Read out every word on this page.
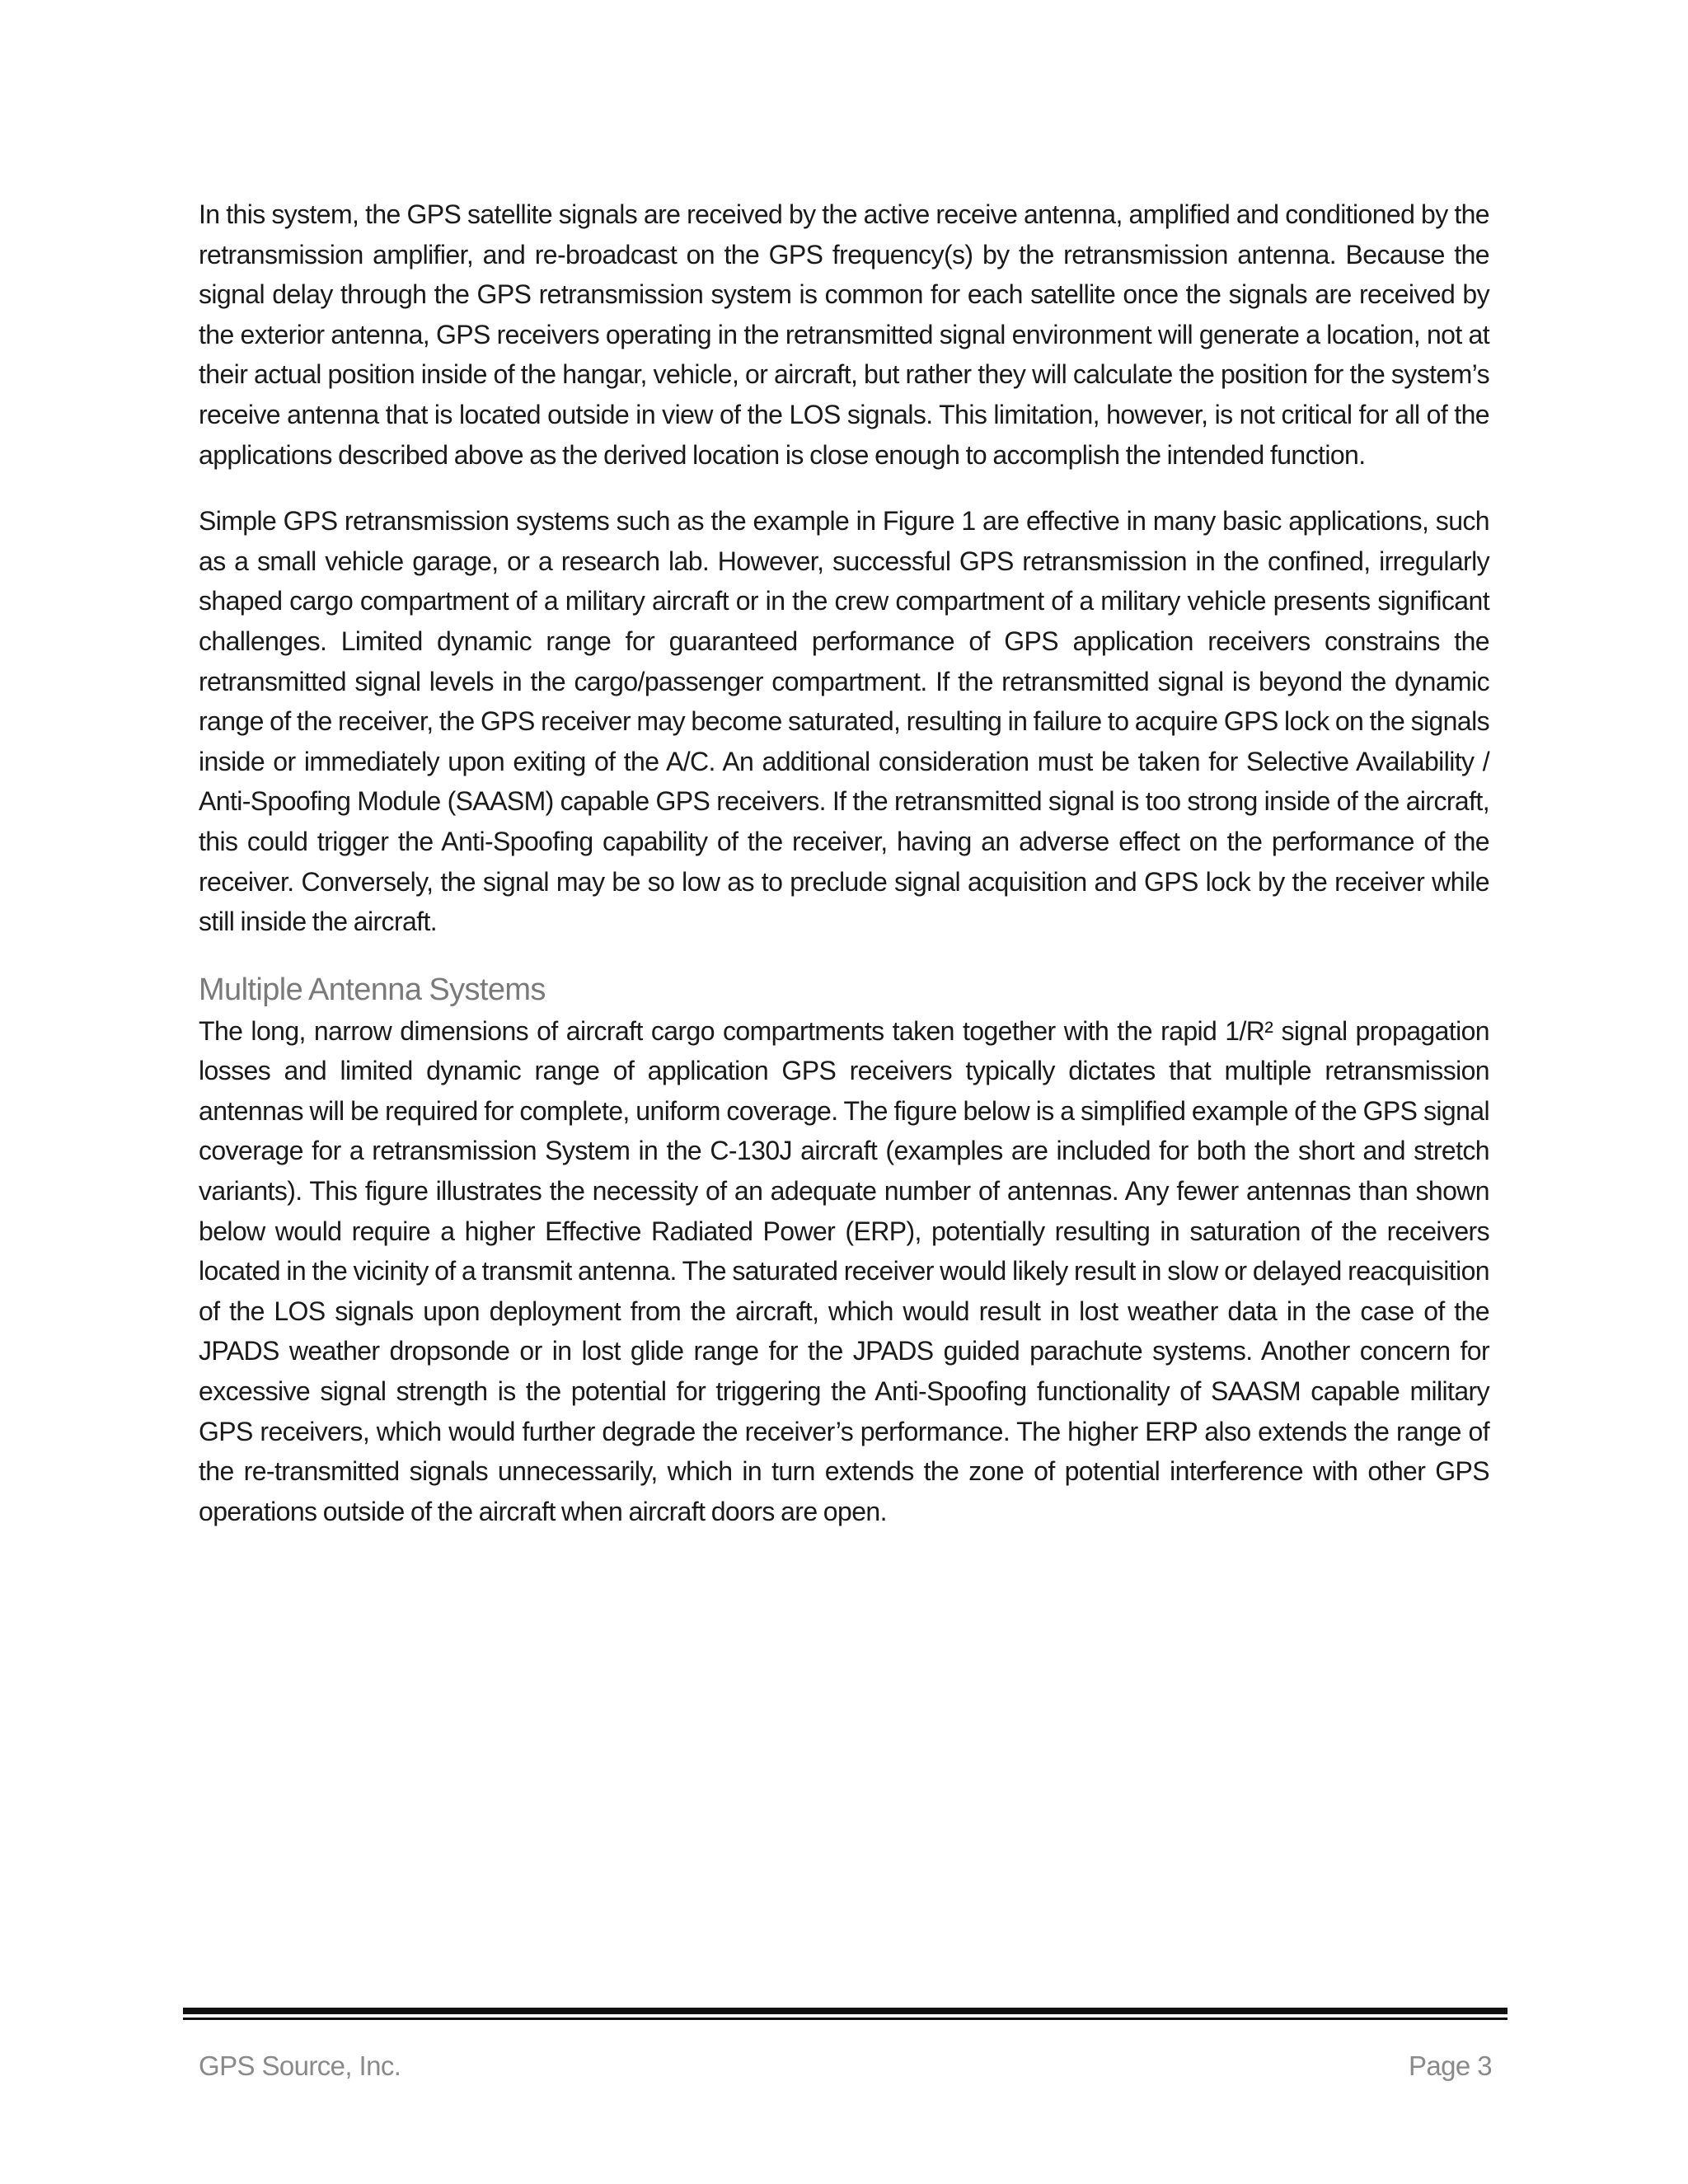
In this system, the GPS satellite signals are received by the active receive antenna, amplified and conditioned by the retransmission amplifier, and re-broadcast on the GPS frequency(s) by the retransmission antenna. Because the signal delay through the GPS retransmission system is common for each satellite once the signals are received by the exterior antenna, GPS receivers operating in the retransmitted signal environment will generate a location, not at their actual position inside of the hangar, vehicle, or aircraft, but rather they will calculate the position for the system’s receive antenna that is located outside in view of the LOS signals. This limitation, however, is not critical for all of the applications described above as the derived location is close enough to accomplish the intended function.

Simple GPS retransmission systems such as the example in Figure 1 are effective in many basic applications, such as a small vehicle garage, or a research lab. However, successful GPS retransmission in the confined, irregularly shaped cargo compartment of a military aircraft or in the crew compartment of a military vehicle presents significant challenges. Limited dynamic range for guaranteed performance of GPS application receivers constrains the retransmitted signal levels in the cargo/passenger compartment. If the retransmitted signal is beyond the dynamic range of the receiver, the GPS receiver may become saturated, resulting in failure to acquire GPS lock on the signals inside or immediately upon exiting of the A/C. An additional consideration must be taken for Selective Availability / Anti-Spoofing Module (SAASM) capable GPS receivers. If the retransmitted signal is too strong inside of the aircraft, this could trigger the Anti-Spoofing capability of the receiver, having an adverse effect on the performance of the receiver. Conversely, the signal may be so low as to preclude signal acquisition and GPS lock by the receiver while still inside the aircraft.

Multiple Antenna Systems

The long, narrow dimensions of aircraft cargo compartments taken together with the rapid 1/R² signal propagation losses and limited dynamic range of application GPS receivers typically dictates that multiple retransmission antennas will be required for complete, uniform coverage. The figure below is a simplified example of the GPS signal coverage for a retransmission System in the C-130J aircraft (examples are included for both the short and stretch variants). This figure illustrates the necessity of an adequate number of antennas. Any fewer antennas than shown below would require a higher Effective Radiated Power (ERP), potentially resulting in saturation of the receivers located in the vicinity of a transmit antenna. The saturated receiver would likely result in slow or delayed reacquisition of the LOS signals upon deployment from the aircraft, which would result in lost weather data in the case of the JPADS weather dropsonde or in lost glide range for the JPADS guided parachute systems. Another concern for excessive signal strength is the potential for triggering the Anti-Spoofing functionality of SAASM capable military GPS receivers, which would further degrade the receiver’s performance. The higher ERP also extends the range of the re-transmitted signals unnecessarily, which in turn extends the zone of potential interference with other GPS operations outside of the aircraft when aircraft doors are open.

GPS Source, Inc.	Page 3
